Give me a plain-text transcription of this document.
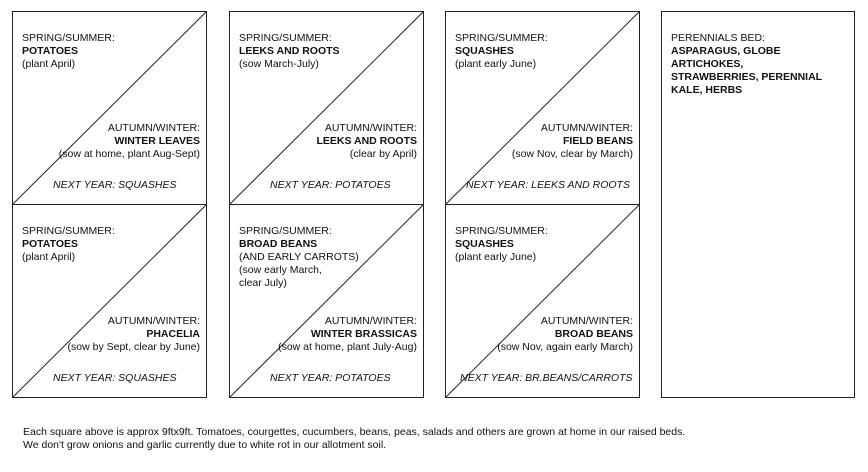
SPRING/SUMMER:
POTATOES
(plant April)
AUTUMN/WINTER:
WINTER LEAVES
(sow at home, plant Aug-Sept)
NEXT YEAR: SQUASHES
SPRING/SUMMER:
LEEKS AND ROOTS
(sow March-July)
AUTUMN/WINTER:
LEEKS AND ROOTS
(clear by April)
NEXT YEAR: POTATOES
SPRING/SUMMER:
SQUASHES
(plant early June)
AUTUMN/WINTER:
FIELD BEANS
(sow Nov, clear by March)
NEXT YEAR: LEEKS AND ROOTS
SPRING/SUMMER:
POTATOES
(plant April)
AUTUMN/WINTER:
PHACELIA
(sow by Sept, clear by June)
NEXT YEAR: SQUASHES
SPRING/SUMMER:
BROAD BEANS
(AND EARLY CARROTS)
(sow early March,
clear July)
AUTUMN/WINTER:
WINTER BRASSICAS
(sow at home, plant July-Aug)
NEXT YEAR: POTATOES
SPRING/SUMMER:
SQUASHES
(plant early June)
AUTUMN/WINTER:
BROAD BEANS
(sow Nov, again early March)
NEXT YEAR: BR.BEANS/CARROTS
PERENNIALS BED:
ASPARAGUS, GLOBE ARTICHOKES, STRAWBERRIES, PERENNIAL KALE, HERBS
Each square above is approx 9ftx9ft. Tomatoes, courgettes, cucumbers, beans, peas, salads and others are grown at home in our raised beds.
We don't grow onions and garlic currently due to white rot in our allotment soil.
